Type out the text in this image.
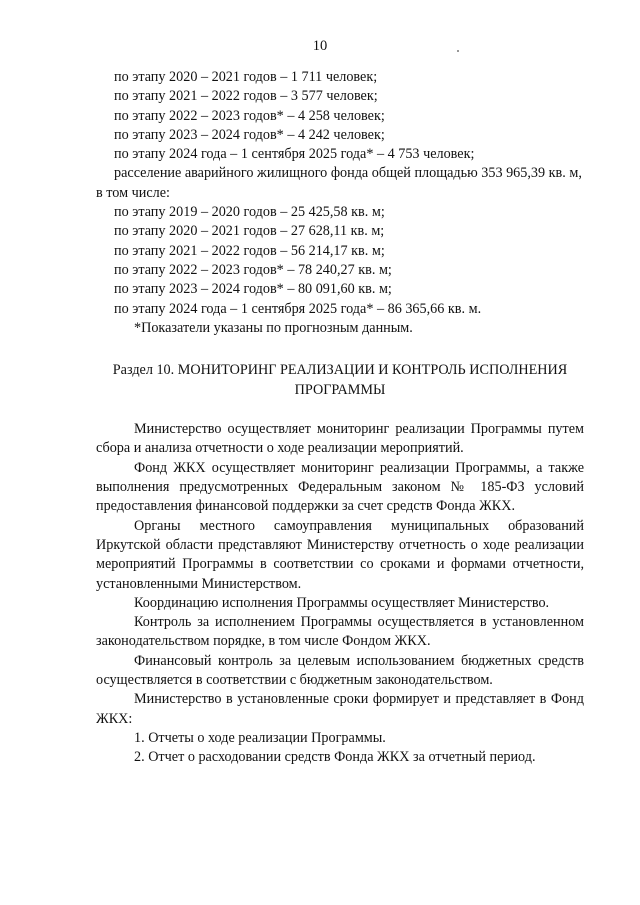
10
по этапу 2020 – 2021 годов – 1 711 человек;
по этапу 2021 – 2022 годов – 3 577 человек;
по этапу 2022 – 2023 годов* – 4 258 человек;
по этапу 2023 – 2024 годов* – 4 242 человек;
по этапу 2024 года – 1 сентября 2025 года* – 4 753 человек;
расселение аварийного жилищного фонда общей площадью 353 965,39 кв. м,
в том числе:
по этапу 2019 – 2020 годов – 25 425,58 кв. м;
по этапу 2020 – 2021 годов – 27 628,11 кв. м;
по этапу 2021 – 2022 годов – 56 214,17 кв. м;
по этапу 2022 – 2023 годов* – 78 240,27 кв. м;
по этапу 2023 – 2024 годов* – 80 091,60 кв. м;
по этапу 2024 года – 1 сентября 2025 года* – 86 365,66 кв. м.
*Показатели указаны по прогнозным данным.
Раздел 10. МОНИТОРИНГ РЕАЛИЗАЦИИ И КОНТРОЛЬ ИСПОЛНЕНИЯ
ПРОГРАММЫ
Министерство осуществляет мониторинг реализации Программы путем
сбора и анализа отчетности о ходе реализации мероприятий.
Фонд ЖКХ осуществляет мониторинг реализации Программы, а также
выполнения предусмотренных Федеральным законом № 185-ФЗ условий
предоставления финансовой поддержки за счет средств Фонда ЖКХ.
Органы местного самоуправления муниципальных образований
Иркутской области представляют Министерству отчетность о ходе реализации
мероприятий Программы в соответствии со сроками и формами отчетности,
установленными Министерством.
Координацию исполнения Программы осуществляет Министерство.
Контроль за исполнением Программы осуществляется в установленном
законодательством порядке, в том числе Фондом ЖКХ.
Финансовый контроль за целевым использованием бюджетных средств
осуществляется в соответствии с бюджетным законодательством.
Министерство в установленные сроки формирует и представляет в Фонд
ЖКХ:
1. Отчеты о ходе реализации Программы.
2. Отчет о расходовании средств Фонда ЖКХ за отчетный период.
